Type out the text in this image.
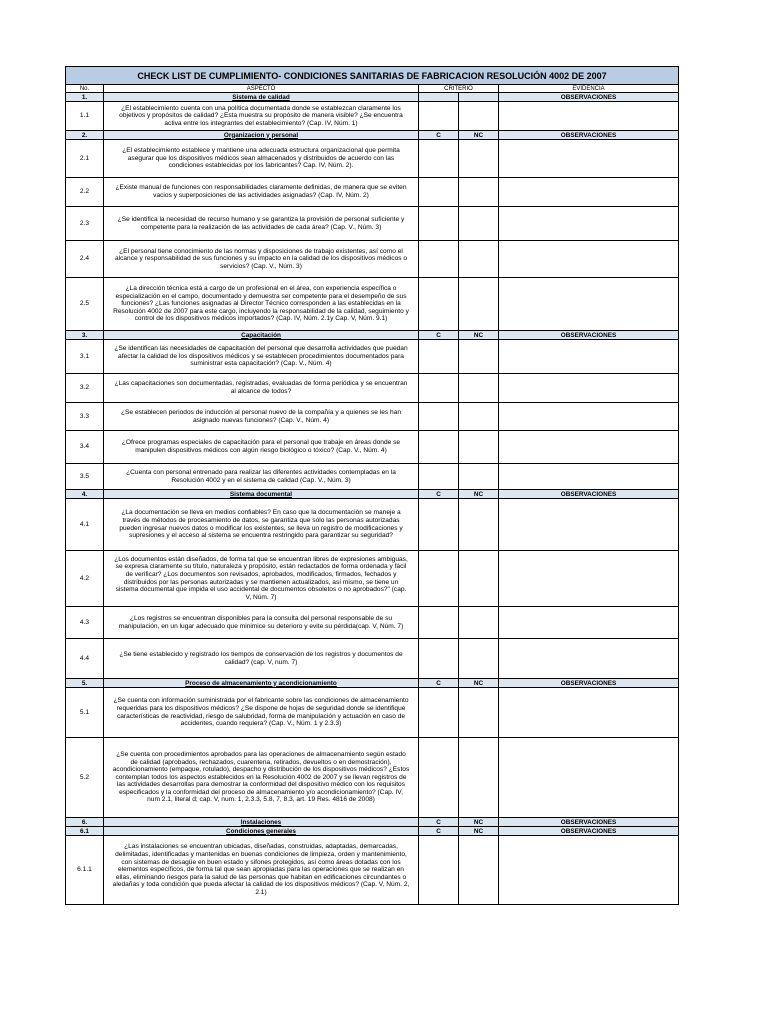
CHECK LIST DE CUMPLIMIENTO- CONDICIONES SANITARIAS DE FABRICACION RESOLUCIÓN 4002 DE 2007				
No.	ASPECTO	CRITERIO		EVIDENCIA
1.	Sistema de calidad			OBSERVACIONES
1.1	¿El establecimiento cuenta con una política documentada donde se establezcan claramente los objetivos y propósitos de calidad? ¿Esta muestra su propósito de manera visible? ¿Se encuentra activa entre los integrantes del establecimiento? (Cap. IV, Núm. 1)			
2.	Organizacion y personal	C	NC	OBSERVACIONES
2.1	¿El establecimiento establece y mantiene una adecuada estructura organizacional que permita asegurar que los dispositivos médicos sean almacenados y distribuidos de acuerdo con las condiciones establecidas por los fabricantes? Cap. IV, Núm. 2).			
2.2	¿Existe manual de funciones con responsabilidades claramente definidas, de manera que se eviten vacios y superposiciones de las actividades asignadas? (Cap. IV, Núm. 2)			
2.3	¿Se identifica la necesidad de recurso humano y se garantiza la provisión de personal suficiente y competente para la realización de las actividades de cada área? (Cap. V., Núm. 3)			
2.4	¿El personal tiene conocimiento de las normas y disposiciones de trabajo existentes, así como el alcance y responsabilidad de sus funciones y su impacto en la calidad de los dispositivos médicos o servicios? (Cap. V., Núm. 3)			
2.5	¿La dirección técnica está a cargo de un profesional en el área, con experiencia específica o especialización en el campo, documentado y demuestra ser competente para el desempeño de sus funciones? ¿Las funciones asignadas al Director Técnico corresponden a las establecidas en la Resolución 4002 de 2007 para este cargo, incluyendo la responsabilidad de la calidad, seguimiento y control de los dispositivos médicos importados? (Cap. IV, Núm. 2.1y Cap. V, Núm. 9.1)			
3.	Capacitación	C	NC	OBSERVACIONES
3.1	¿Se identifican las necesidades de capacitación del personal que desarrolla actividades que puedan afectar la calidad de los dispositivos médicos y se establecen procedimientos documentados para suministrar esta capacitación? (Cap. V., Núm. 4)			
3.2	¿Las capacitaciones son documentadas, registradas, evaluadas de forma periódica y se encuentran al alcance de todos?			
3.3	¿Se establecen periodos de inducción al personal nuevo de la compañía y a quienes se les han asignado nuevas funciones? (Cap. V., Núm. 4)			
3.4	¿Ofrece programas especiales de capacitación para el personal que trabaje en áreas donde se manipulen dispositivos médicos con algún riesgo biológico o tóxico? (Cap. V., Núm. 4)			
3.5	¿Cuenta con personal entrenado para realizar las diferentes actividades contempladas en la Resolución 4002 y en el sistema de calidad (Cap. V., Núm. 3)			
4.	Sistema documental	C	NC	OBSERVACIONES
4.1	¿La documentación se lleva en medios confiables? En caso que la documentación se maneje a través de métodos de procesamiento de datos, se garantiza que sólo las personas autorizadas pueden ingresar nuevos datos o modificar los existentes, se lleva un registro de modificaciones y supresiones y el acceso al sistema se encuentra restringido para garantizar su seguridad?			
4.2	¿Los documentos están diseñados, de forma tal que se encuentran libres de expresiones ambiguas, se expresa claramente su título, naturaleza y propósito, están redactados de forma ordenada y fácil de verificar? ¿Los documentos son revisados, aprobados, modificados, firmados, fechados y distribuidos por las personas autorizadas y se mantienen actualizados, así mismo, se tiene un sistema documental que impida el uso accidental de documentos obsoletos o no aprobados?" (cap. V, Núm. 7)			
4.3	¿Los registros se encuentran disponibles para la consulta del personal responsable de su manipulación, en un lugar adecuado que minimice su deterioro y evite su pérdida(cap. V, Núm. 7)			
4.4	¿Se tiene establecido y registrado los tiempos de conservación de los registros y documentos de calidad? (cap. V, num. 7)			
5.	Proceso de almacenamiento y acondicionamiento	C	NC	OBSERVACIONES
5.1	¿Se cuenta con información suministrada por el fabricante sobre las condiciones de almacenamiento requeridas para los dispositivos médicos? ¿Se dispone de hojas de seguridad donde se identifique características de reactividad, riesgo de salubridad, forma de manipulación y actuación en caso de accidentes, cuando requiera? (Cap. V., Núm. 1 y 2.3.3)			
5.2	¿Se cuenta con procedimientos aprobados para las operaciones de almacenamiento según estado de calidad (aprobados, rechazados, cuarentena, retirados, devueltos o en demostración), acondicionamiento (empaque, rotulado), despacho y distribución de los dispositivos médicos? ¿Estos contemplan todos los aspectos establecidos en la Resolución 4002 de 2007 y se llevan registros de las actividades desarrollas para demostrar la conformidad del dispositivo médico con los requisitos especificados y la conformidad del proceso de almacenamiento y/o acondicionamiento? (Cap. IV, num 2.1, literal d; cap. V, num. 1, 2.3.3, 5.8, 7, 8.3, art. 19 Res. 4816 de 2008)			
6.	Instalaciones	C	NC	OBSERVACIONES
6.1	Condiciones generales	C	NC	OBSERVACIONES
6.1.1	¿Las instalaciones se encuentran ubicadas, diseñadas, construidas, adaptadas, demarcadas, delimitadas, identificadas y mantenidas en buenas condiciones de limpieza, orden y mantenimiento, con sistemas de desagüe en buen estado y sifones protegidos, así como áreas dotadas con los elementos específicos, de forma tal que sean apropiadas para las operaciones que se realizan en ellas, eliminando riesgos para la salud de las personas que habitan en edificaciones circundantes o aledañas y toda condición que pueda afectar la calidad de los dispositivos médicos? (Cap. V, Núm. 2, 2.1)			
